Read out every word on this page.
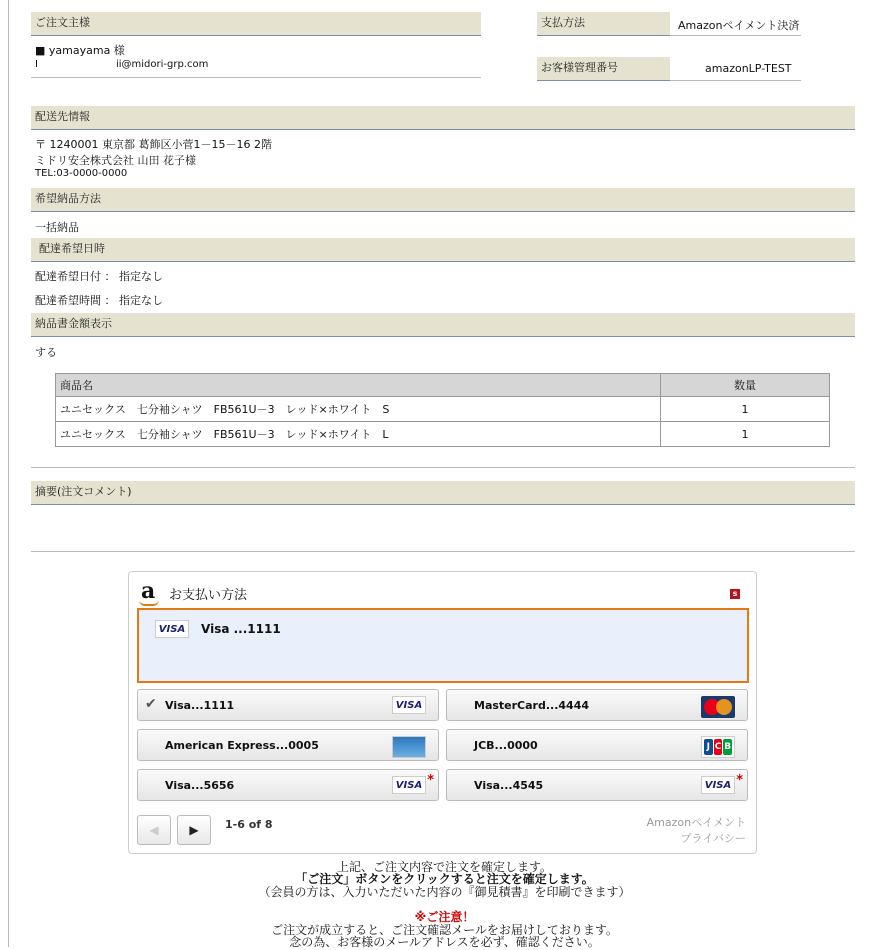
ご注文主様
■ yamayama 様
I	ii@midori-grp.com
支払方法	Amazonペイメント決済
お客様管理番号	amazonLP-TEST
配送先情報
〒 1240001 東京都 葛飾区小菅1－15－16 2階
ミドリ安全株式会社 山田 花子様
TEL:03-0000-0000
希望納品方法
一括納品
配達希望日時
配達希望日付 ： 指定なし
配達希望時間 ： 指定なし
納品書金額表示
する
商品名	数量
ユニセックス　七分袖シャツ　FB561U－3　レッド×ホワイト　S	1
ユニセックス　七分袖シャツ　FB561U－3　レッド×ホワイト　L	1
摘要(注文コメント)
a お支払い方法	s
VISA	Visa ...1111
✔ Visa...1111	VISA	MasterCard...4444
American Express...0005	JCB...0000	J C B
Visa...5656	VISA *	Visa...4545	VISA *
◀	▶	1-6 of 8	Amazonペイメント
プライバシー
上記、ご注文内容で注文を確定します。
「ご注文」ボタンをクリックすると注文を確定します。
（会員の方は、入力いただいた内容の『御見積書』を印刷できます）
※ご注意！
ご注文が成立すると、ご注文確認メールをお届けしております。
念の為、お客様のメールアドレスを必ず、確認ください。
